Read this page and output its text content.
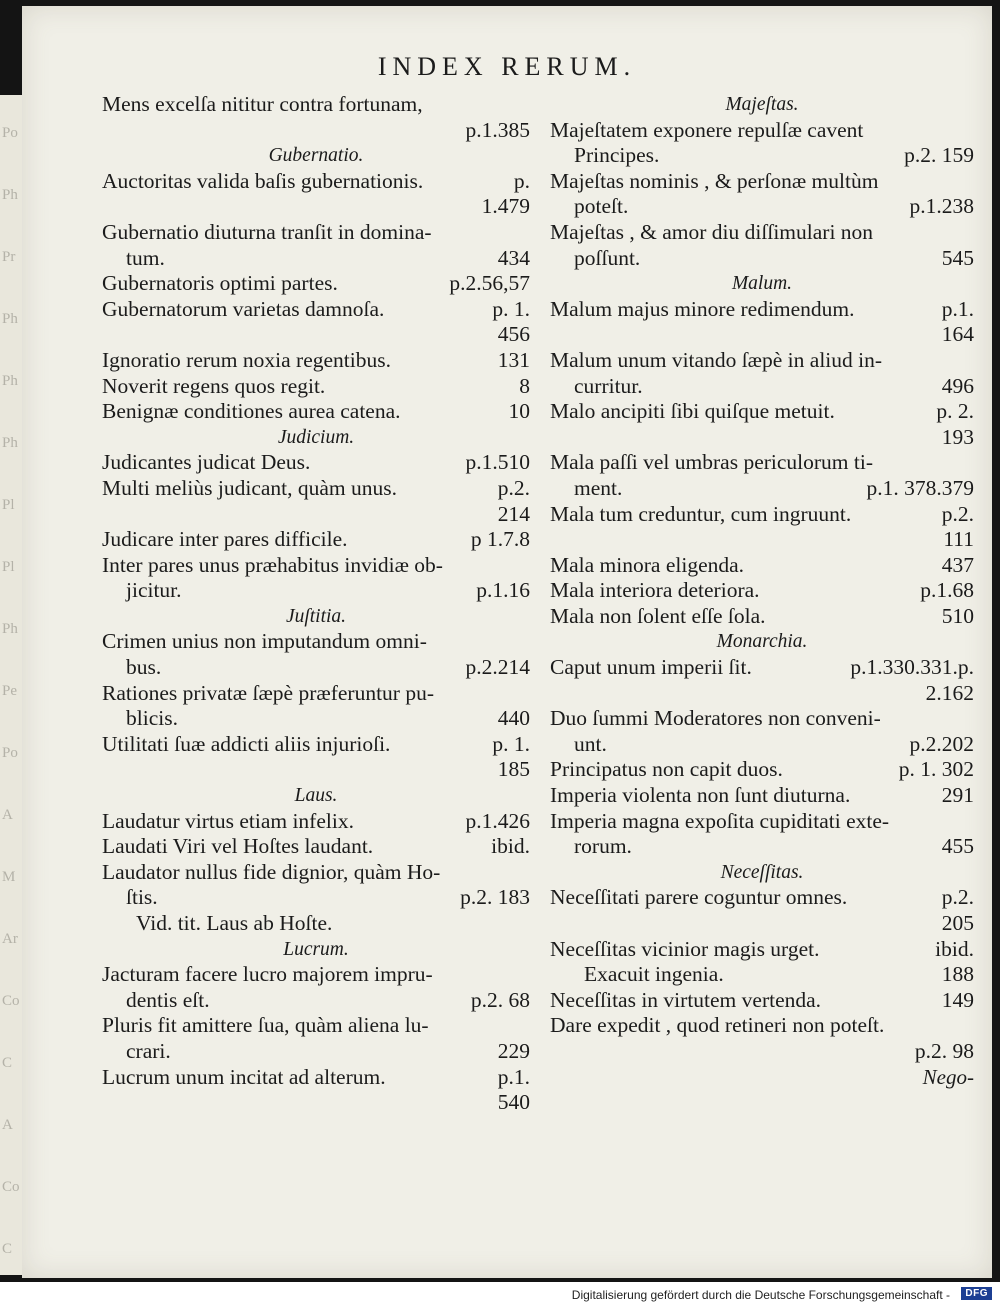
Po
Ph
Pr
Ph
Ph
Ph
Pl
Pl
Ph
Pe
Po
A
M
Ar
Co
C
A
Co
C
INDEX RERUM.
Mens excelſa nititur contra fortunam,
p.1.385
Gubernatio.
p.
Auctoritas valida baſis gubernationis.
1.479
Gubernatio diuturna tranſit in domina-
434
tum.
p.2.56,57
Gubernatoris optimi partes.
p. 1.
Gubernatorum varietas damnoſa.
456
131
Ignoratio rerum noxia regentibus.
8
Noverit regens quos regit.
10
Benignæ conditiones aurea catena.
Judicium.
p.1.510
Judicantes judicat Deus.
p.2.
Multi meliùs judicant, quàm unus.
214
p 1.7.8
Judicare inter pares difficile.
Inter pares unus præhabitus invidiæ ob-
p.1.16
jicitur.
Juſtitia.
Crimen unius non imputandum omni-
p.2.214
bus.
Rationes privatæ ſæpè præferuntur pu-
440
blicis.
p. 1.
Utilitati ſuæ addicti aliis injurioſi.
185
Laus.
p.1.426
Laudatur virtus etiam infelix.
ibid.
Laudati Viri vel Hoſtes laudant.
Laudator nullus fide dignior, quàm Ho-
p.2. 183
ſtis.
Vid. tit. Laus ab Hoſte.
Lucrum.
Jacturam facere lucro majorem impru-
p.2. 68
dentis eſt.
Pluris fit amittere ſua, quàm aliena lu-
229
crari.
p.1.
Lucrum unum incitat ad alterum.
540
Majeſtas.
Majeſtatem exponere repulſæ cavent
p.2. 159
Principes.
Majeſtas nominis , & perſonæ multùm
p.1.238
poteſt.
Majeſtas , & amor diu diſſimulari non
545
poſſunt.
Malum.
p.1.
Malum majus minore redimendum.
164
Malum unum vitando ſæpè in aliud in-
496
curritur.
p. 2.
Malo ancipiti ſibi quiſque metuit.
193
Mala paſſi vel umbras periculorum ti-
p.1. 378.379
ment.
p.2.
Mala tum creduntur, cum ingruunt.
111
437
Mala minora eligenda.
p.1.68
Mala interiora deteriora.
510
Mala non ſolent eſſe ſola.
Monarchia.
p.1.330.331.p.
Caput unum imperii ſit.
2.162
Duo ſummi Moderatores non conveni-
p.2.202
unt.
p. 1. 302
Principatus non capit duos.
291
Imperia violenta non ſunt diuturna.
Imperia magna expoſita cupiditati exte-
455
rorum.
Neceſſitas.
p.2.
Neceſſitati parere coguntur omnes.
205
ibid.
Neceſſitas vicinior magis urget.
188
Exacuit ingenia.
149
Neceſſitas in virtutem vertenda.
Dare expedit , quod retineri non poteſt.
p.2. 98
Nego-
Digitalisierung gefördert durch die Deutsche Forschungsgemeinschaft -	DFG
